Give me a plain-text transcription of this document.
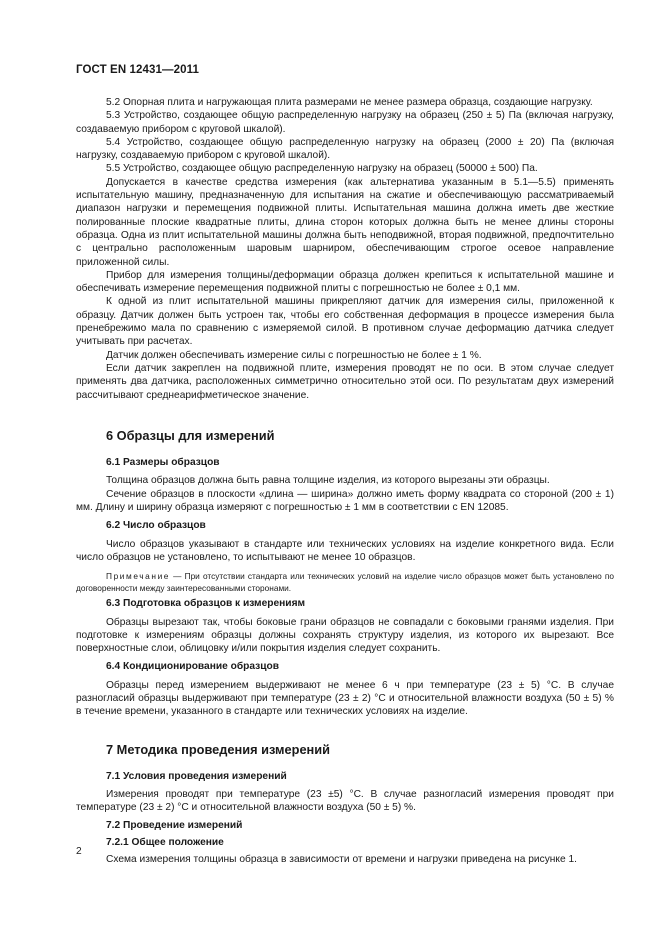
ГОСТ EN 12431—2011

5.2 Опорная плита и нагружающая плита размерами не менее размера образца, создающие нагрузку.

5.3 Устройство, создающее общую распределенную нагрузку на образец (250 ± 5) Па (включая нагрузку, создаваемую прибором с круговой шкалой).

5.4 Устройство, создающее общую распределенную нагрузку на образец (2000 ± 20) Па (включая нагрузку, создаваемую прибором с круговой шкалой).

5.5 Устройство, создающее общую распределенную нагрузку на образец (50000 ± 500) Па.

Допускается в качестве средства измерения (как альтернатива указанным в 5.1—5.5) применять испытательную машину, предназначенную для испытания на сжатие и обеспечивающую рассматриваемый диапазон нагрузки и перемещения подвижной плиты. Испытательная машина должна иметь две жесткие полированные плоские квадратные плиты, длина сторон которых должна быть не менее длины стороны образца. Одна из плит испытательной машины должна быть неподвижной, вторая подвижной, предпочтительно с центрально расположенным шаровым шарниром, обеспечивающим строгое осевое направление приложенной силы.

Прибор для измерения толщины/деформации образца должен крепиться к испытательной машине и обеспечивать измерение перемещения подвижной плиты с погрешностью не более ± 0,1 мм.

К одной из плит испытательной машины прикрепляют датчик для измерения силы, приложенной к образцу. Датчик должен быть устроен так, чтобы его собственная деформация в процессе измерения была пренебрежимо мала по сравнению с измеряемой силой. В противном случае деформацию датчика следует учитывать при расчетах.

Датчик должен обеспечивать измерение силы с погрешностью не более ± 1 %.

Если датчик закреплен на подвижной плите, измерения проводят не по оси. В этом случае следует применять два датчика, расположенных симметрично относительно этой оси. По результатам двух измерений рассчитывают среднеарифметическое значение.

6 Образцы для измерений
6.1 Размеры образцов

Толщина образцов должна быть равна толщине изделия, из которого вырезаны эти образцы.

Сечение образцов в плоскости «длина — ширина» должно иметь форму квадрата со стороной (200 ± 1) мм. Длину и ширину образца измеряют с погрешностью ± 1 мм в соответствии с EN 12085.

6.2 Число образцов

Число образцов указывают в стандарте или технических условиях на изделие конкретного вида. Если число образцов не установлено, то испытывают не менее 10 образцов.

Примечание — При отсутствии стандарта или технических условий на изделие число образцов может быть установлено по договоренности между заинтересованными сторонами.

6.3 Подготовка образцов к измерениям

Образцы вырезают так, чтобы боковые грани образцов не совпадали с боковыми гранями изделия. При подготовке к измерениям образцы должны сохранять структуру изделия, из которого их вырезают. Все поверхностные слои, облицовку и/или покрытия изделия следует сохранить.

6.4 Кондиционирование образцов

Образцы перед измерением выдерживают не менее 6 ч при температуре (23 ± 5) °С. В случае разногласий образцы выдерживают при температуре (23 ± 2) °С и относительной влажности воздуха (50 ± 5) % в течение времени, указанного в стандарте или технических условиях на изделие.

7 Методика проведения измерений
7.1 Условия проведения измерений

Измерения проводят при температуре (23 ±5) °С. В случае разногласий измерения проводят при температуре (23 ± 2) °С и относительной влажности воздуха (50 ± 5) %.

7.2 Проведение измерений
7.2.1 Общее положение

Схема измерения толщины образца в зависимости от времени и нагрузки приведена на рисунке 1.

2
